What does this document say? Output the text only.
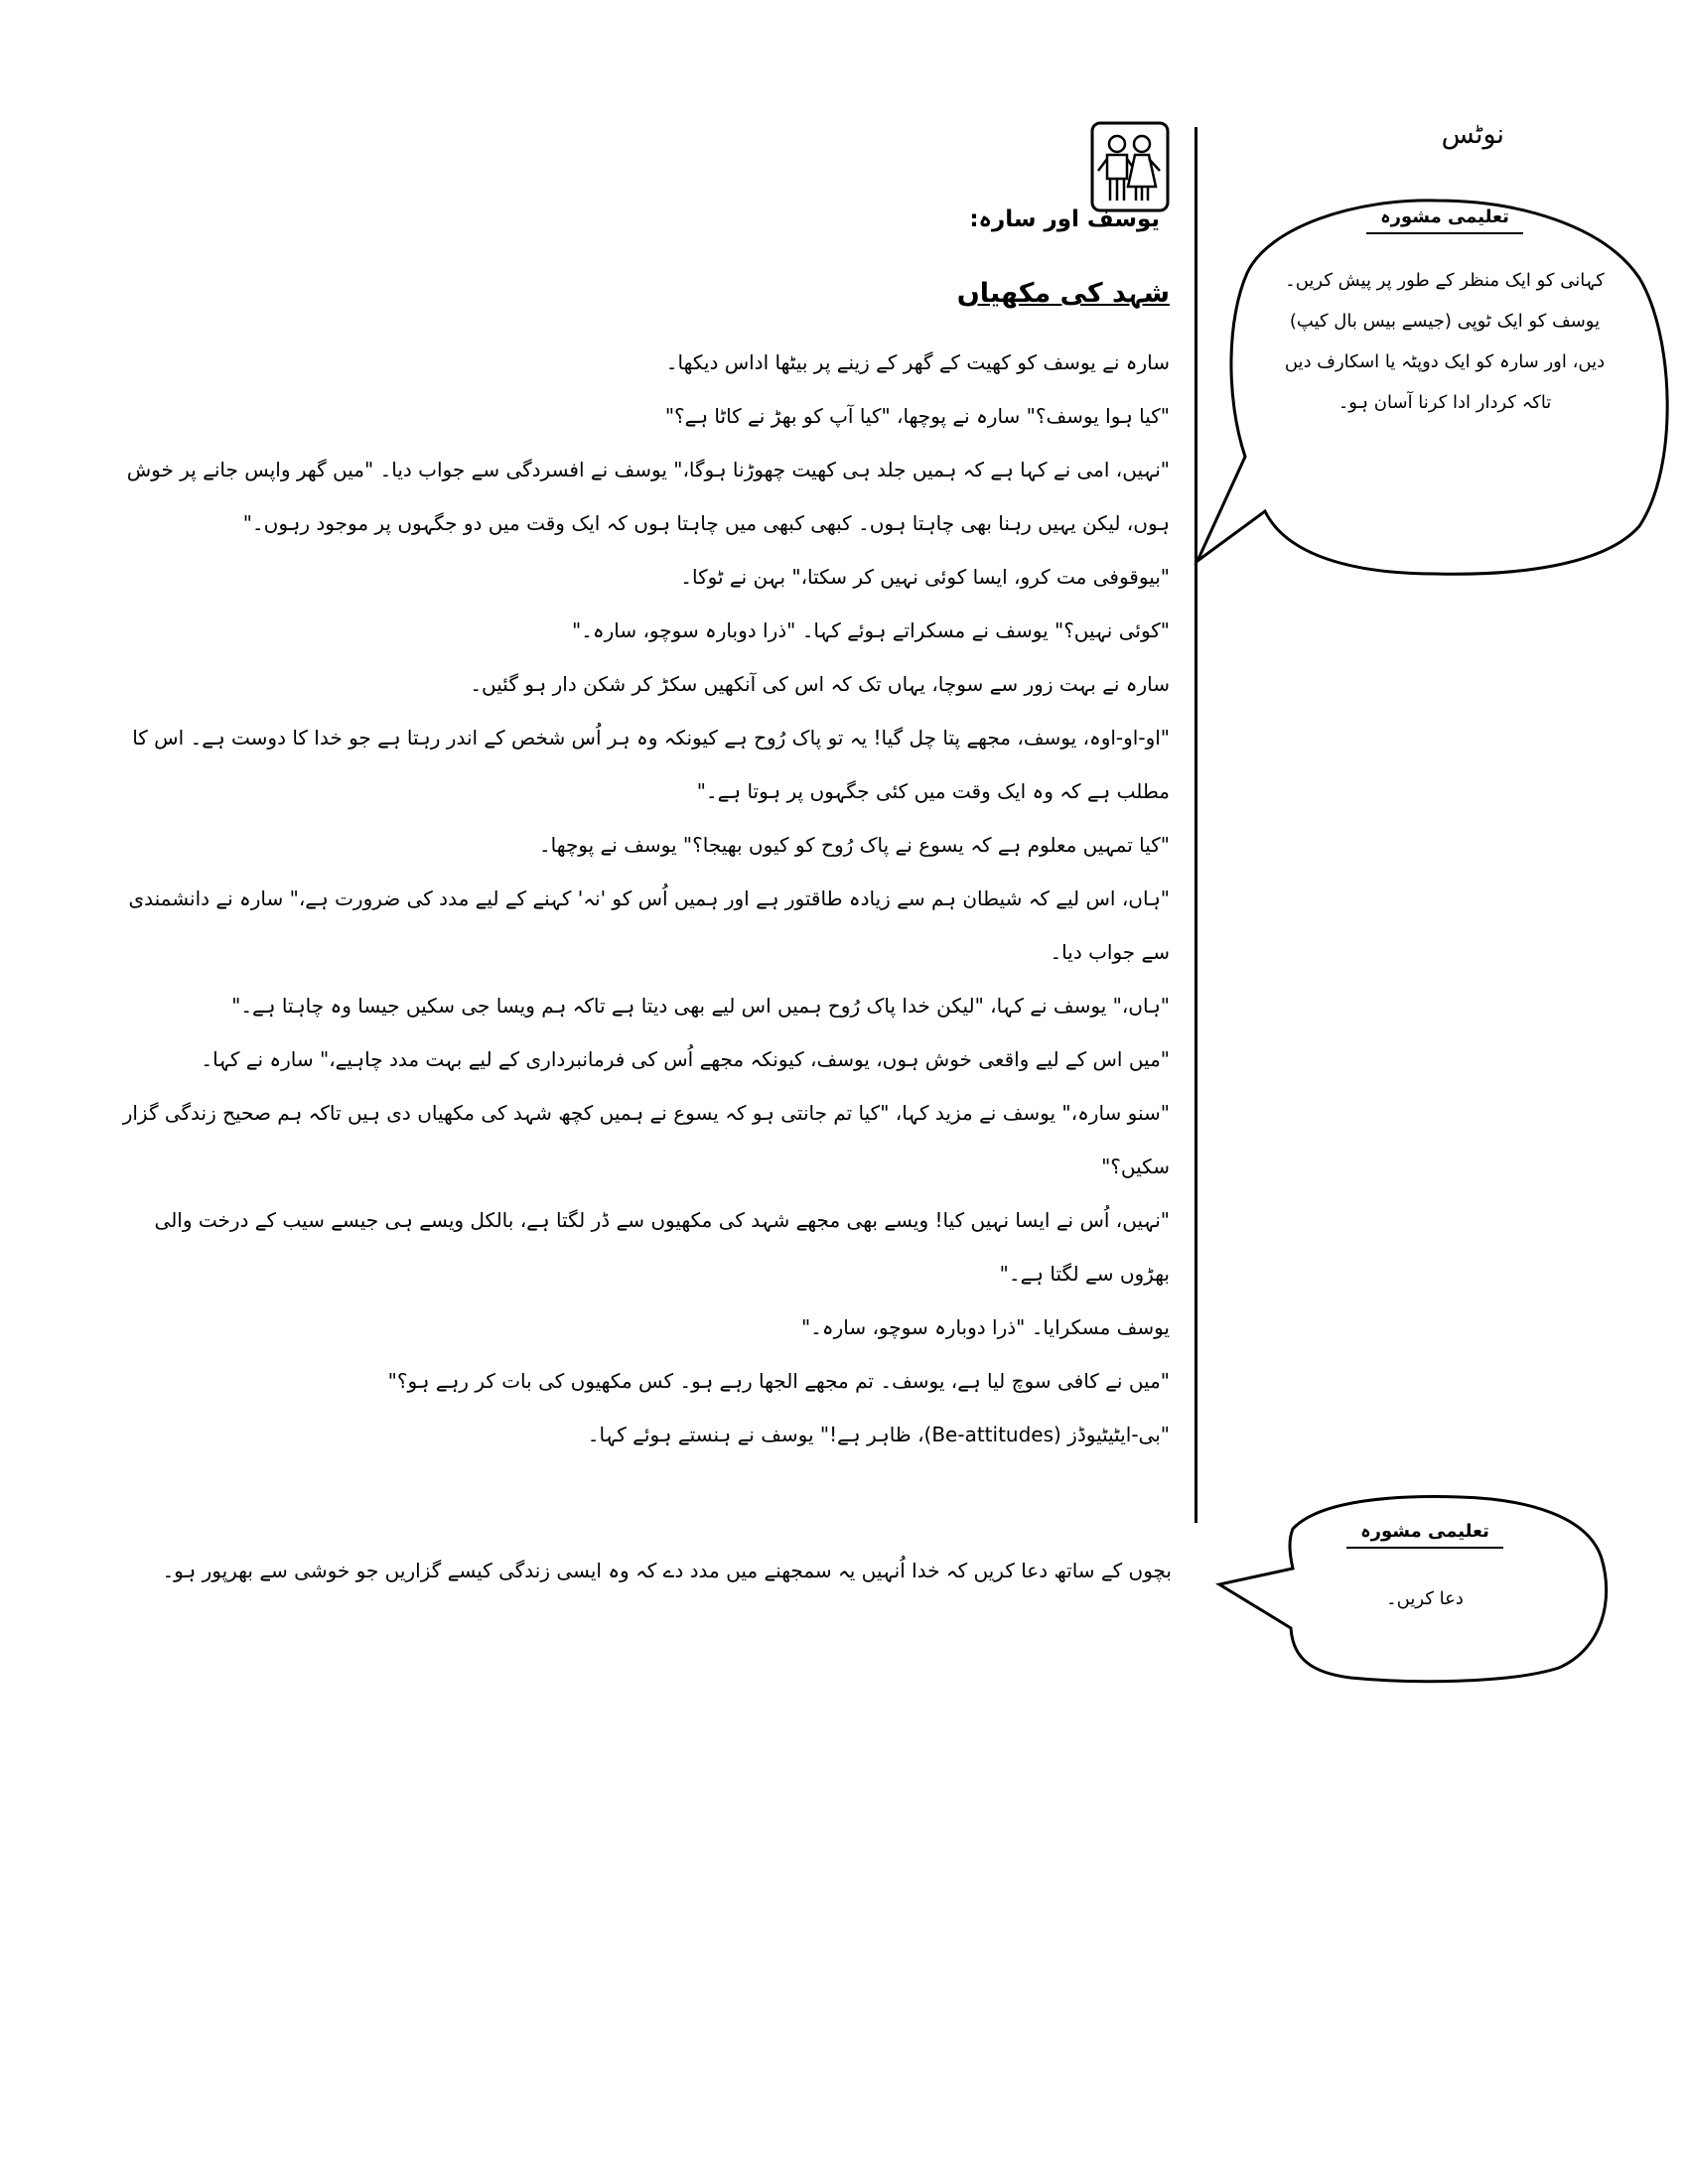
یوسف اور سارہ:
شہد کی مکھیاں

سارہ نے یوسف کو کھیت کے گھر کے زینے پر بیٹھا اداس دیکھا۔

"کیا ہوا یوسف؟" سارہ نے پوچھا، "کیا آپ کو بھڑ نے کاٹا ہے؟"

"نہیں، امی نے کہا ہے کہ ہمیں جلد ہی کھیت چھوڑنا ہوگا،" یوسف نے افسردگی سے جواب دیا۔ "میں گھر واپس جانے پر خوش ہوں، لیکن یہیں رہنا بھی چاہتا ہوں۔ کبھی کبھی میں چاہتا ہوں کہ ایک وقت میں دو جگہوں پر موجود رہوں۔"

"بیوقوفی مت کرو، ایسا کوئی نہیں کر سکتا،" بہن نے ٹوکا۔

"کوئی نہیں؟" یوسف نے مسکراتے ہوئے کہا۔ "ذرا دوبارہ سوچو، سارہ۔"

سارہ نے بہت زور سے سوچا، یہاں تک کہ اس کی آنکھیں سکڑ کر شکن دار ہو گئیں۔

"او-او-اوہ، یوسف، مجھے پتا چل گیا! یہ تو پاک رُوح ہے کیونکہ وہ ہر اُس شخص کے اندر رہتا ہے جو خدا کا دوست ہے۔ اس کا مطلب ہے کہ وہ ایک وقت میں کئی جگہوں پر ہوتا ہے۔"

"کیا تمہیں معلوم ہے کہ یسوع نے پاک رُوح کو کیوں بھیجا؟" یوسف نے پوچھا۔

"ہاں، اس لیے کہ شیطان ہم سے زیادہ طاقتور ہے اور ہمیں اُس کو 'نہ' کہنے کے لیے مدد کی ضرورت ہے،" سارہ نے دانشمندی سے جواب دیا۔

"ہاں،" یوسف نے کہا، "لیکن خدا پاک رُوح ہمیں اس لیے بھی دیتا ہے تاکہ ہم ویسا جی سکیں جیسا وہ چاہتا ہے۔"

"میں اس کے لیے واقعی خوش ہوں، یوسف، کیونکہ مجھے اُس کی فرمانبرداری کے لیے بہت مدد چاہیے،" سارہ نے کہا۔

"سنو سارہ،" یوسف نے مزید کہا، "کیا تم جانتی ہو کہ یسوع نے ہمیں کچھ شہد کی مکھیاں دی ہیں تاکہ ہم صحیح زندگی گزار سکیں؟"

"نہیں، اُس نے ایسا نہیں کیا! ویسے بھی مجھے شہد کی مکھیوں سے ڈر لگتا ہے، بالکل ویسے ہی جیسے سیب کے درخت والی بھڑوں سے لگتا ہے۔"

یوسف مسکرایا۔ "ذرا دوبارہ سوچو، سارہ۔"

"میں نے کافی سوچ لیا ہے، یوسف۔ تم مجھے الجھا رہے ہو۔ کس مکھیوں کی بات کر رہے ہو؟"

"بی-ایٹیٹیوڈز (Be-attitudes)، ظاہر ہے!" یوسف نے ہنستے ہوئے کہا۔

بچوں کے ساتھ دعا کریں کہ خدا اُنہیں یہ سمجھنے میں مدد دے کہ وہ ایسی زندگی کیسے گزاریں جو خوشی سے بھرپور ہو۔
نوٹس
تعلیمی مشورہ

کہانی کو ایک منظر کے طور پر پیش کریں۔

یوسف کو ایک ٹوپی (جیسے بیس بال کیپ)

دیں، اور سارہ کو ایک دوپٹہ یا اسکارف دیں

تاکہ کردار ادا کرنا آسان ہو۔

تعلیمی مشورہ

دعا کریں۔
